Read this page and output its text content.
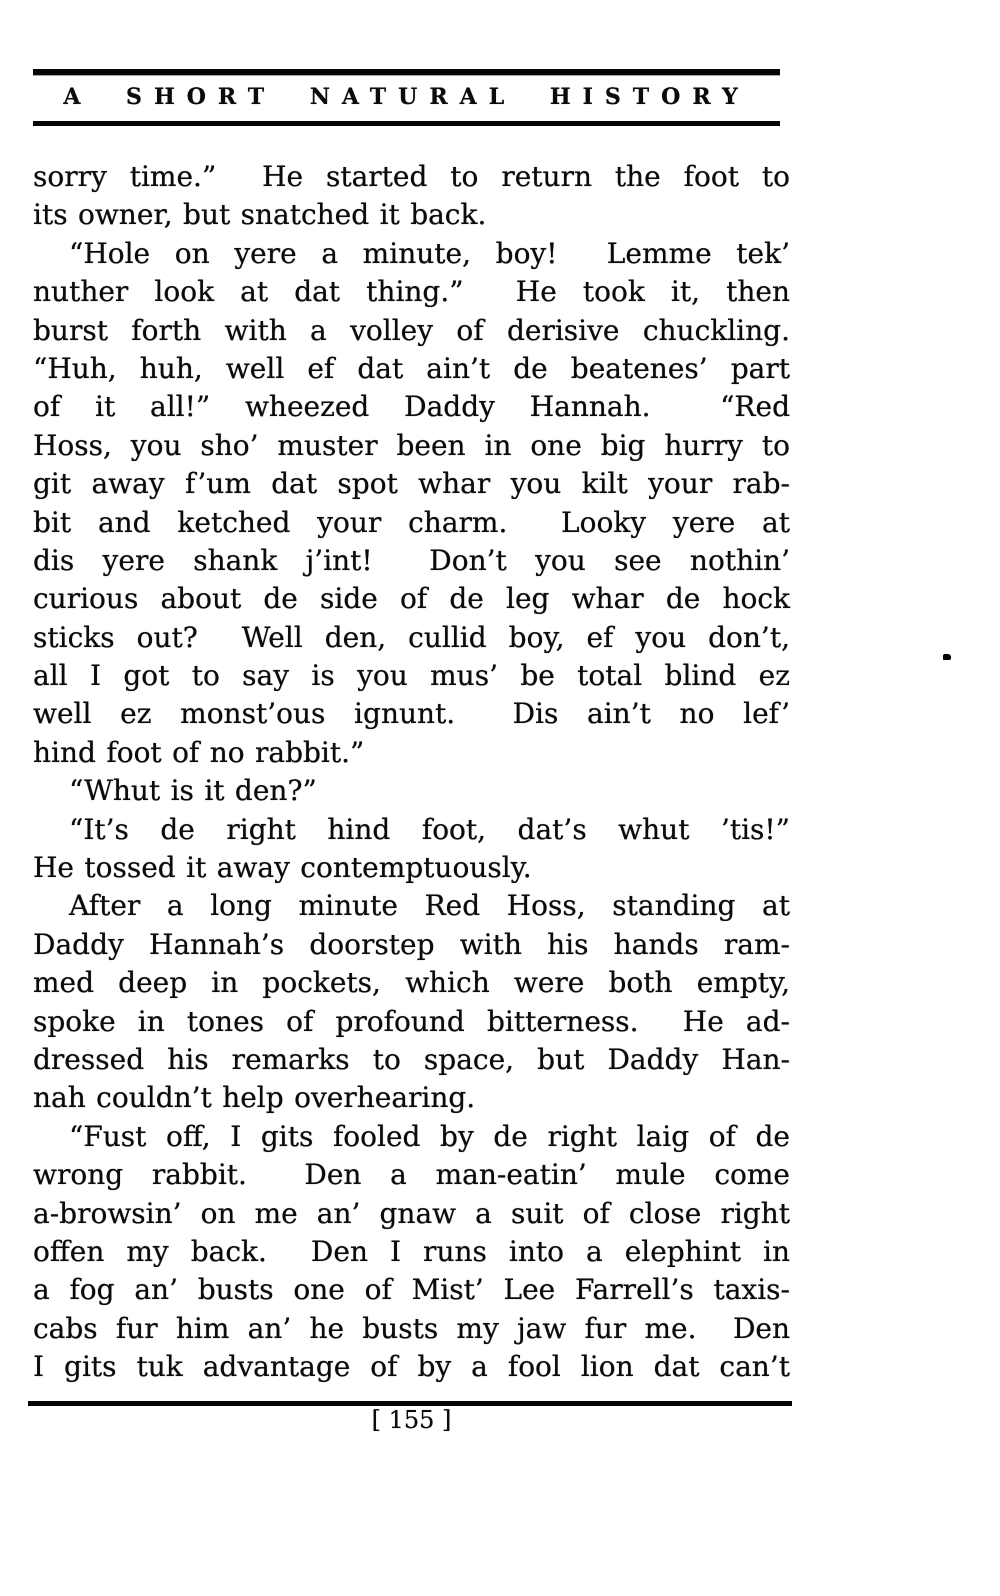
A SHORT NATURAL HISTORY
sorry time.”  He started to return the foot to
its owner, but snatched it back.
“Hole on yere a minute, boy!  Lemme tek’
nuther look at dat thing.”  He took it, then
burst forth with a volley of derisive chuckling.
“Huh, huh, well ef dat ain’t de beatenes’ part
of it all!” wheezed Daddy Hannah.  “Red
Hoss, you sho’ muster been in one big hurry to
git away f’um dat spot whar you kilt your rab-
bit and ketched your charm.  Looky yere at
dis yere shank j’int!  Don’t you see nothin’
curious about de side of de leg whar de hock
sticks out?  Well den, cullid boy, ef you don’t,
all I got to say is you mus’ be total blind ez
well ez monst’ous ignunt.  Dis ain’t no lef’
hind foot of no rabbit.”
“Whut is it den?”
“It’s de right hind foot, dat’s whut ’tis!”
He tossed it away contemptuously.
After a long minute Red Hoss, standing at
Daddy Hannah’s doorstep with his hands ram-
med deep in pockets, which were both empty,
spoke in tones of profound bitterness.  He ad-
dressed his remarks to space, but Daddy Han-
nah couldn’t help overhearing.
“Fust off, I gits fooled by de right laig of de
wrong rabbit.  Den a man-eatin’ mule come
a-browsin’ on me an’ gnaw a suit of close right
offen my back.  Den I runs into a elephint in
a fog an’ busts one of Mist’ Lee Farrell’s taxis-
cabs fur him an’ he busts my jaw fur me.  Den
I gits tuk advantage of by a fool lion dat can’t
[ 155 ]
